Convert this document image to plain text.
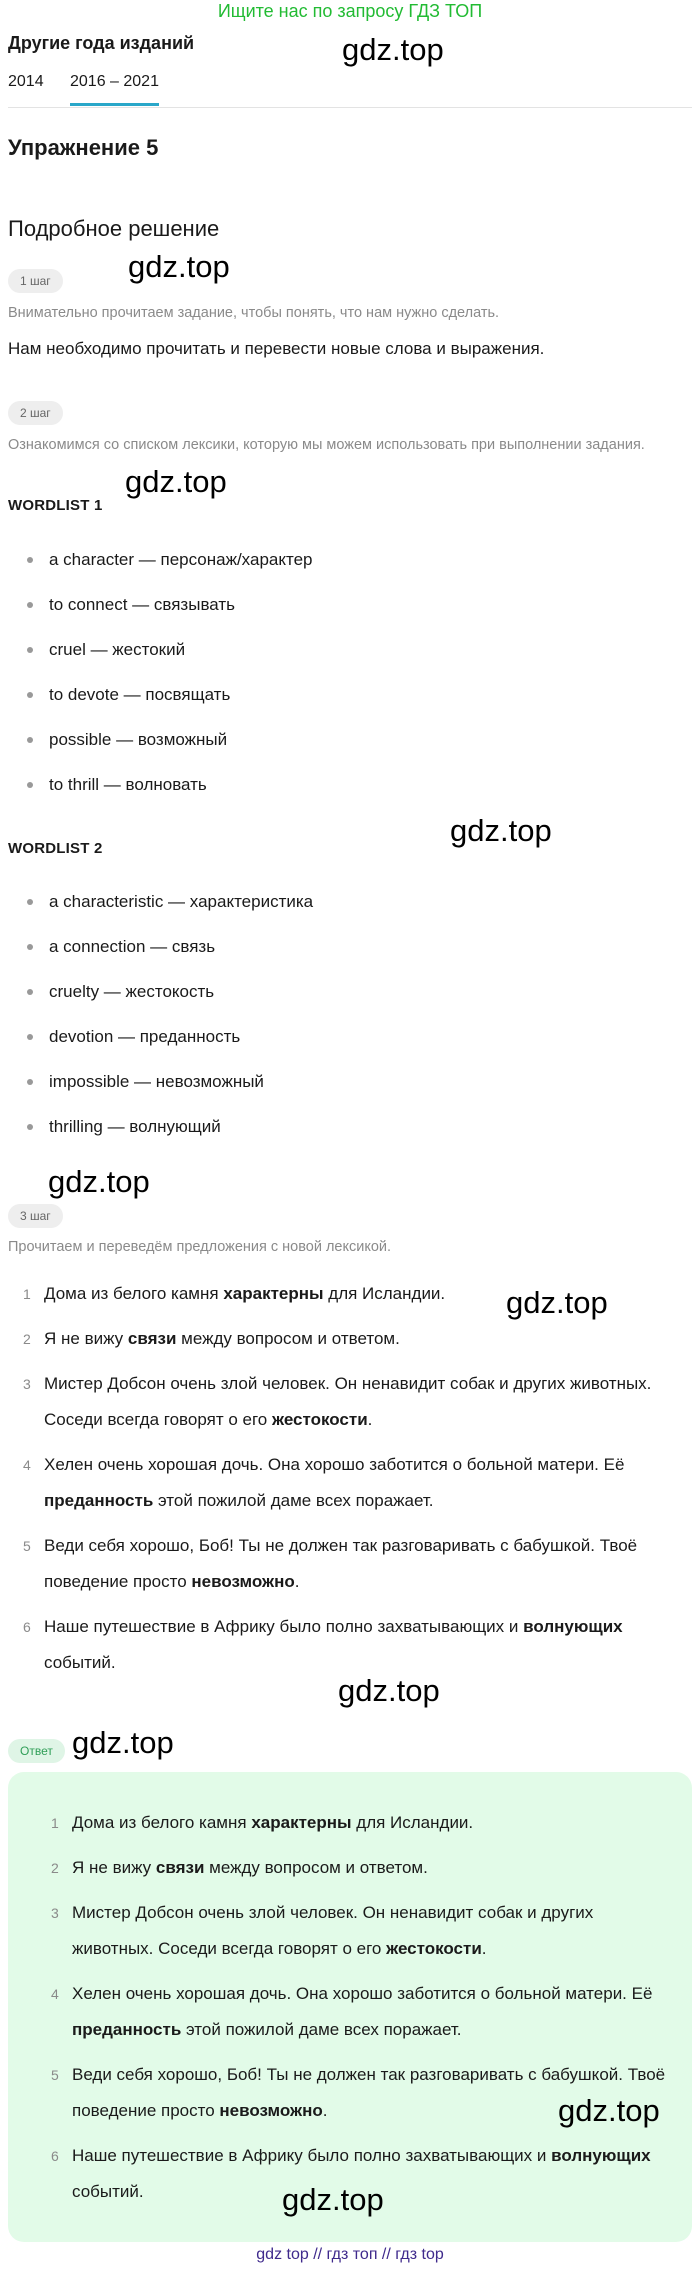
Ищите нас по запросу ГДЗ ТОП
Другие года изданий
2014 2016 – 2021
Упражнение 5
Подробное решение
1 шаг
Внимательно прочитаем задание, чтобы понять, что нам нужно сделать.
Нам необходимо прочитать и перевести новые слова и выражения.
2 шаг
Ознакомимся со списком лексики, которую мы можем использовать при выполнении задания.
WORDLIST 1
a character — персонаж/характер
to connect — связывать
cruel — жестокий
to devote — посвящать
possible — возможный
to thrill — волновать
WORDLIST 2
a characteristic — характеристика
a connection — связь
cruelty — жестокость
devotion — преданность
impossible — невозможный
thrilling — волнующий
3 шаг
Прочитаем и переведём предложения с новой лексикой.
1 Дома из белого камня характерны для Исландии.
2 Я не вижу связи между вопросом и ответом.
3 Мистер Добсон очень злой человек. Он ненавидит собак и других животных. Соседи всегда говорят о его жестокости.
4 Хелен очень хорошая дочь. Она хорошо заботится о больной матери. Её преданность этой пожилой даме всех поражает.
5 Веди себя хорошо, Боб! Ты не должен так разговаривать с бабушкой. Твоё поведение просто невозможно.
6 Наше путешествие в Африку было полно захватывающих и волнующих событий.
Ответ
1 Дома из белого камня характерны для Исландии.
2 Я не вижу связи между вопросом и ответом.
3 Мистер Добсон очень злой человек. Он ненавидит собак и других животных. Соседи всегда говорят о его жестокости.
4 Хелен очень хорошая дочь. Она хорошо заботится о больной матери. Её преданность этой пожилой даме всех поражает.
5 Веди себя хорошо, Боб! Ты не должен так разговаривать с бабушкой. Твоё поведение просто невозможно.
6 Наше путешествие в Африку было полно захватывающих и волнующих событий.
gdz.top
gdz.top
gdz.top
gdz.top
gdz.top
gdz.top
gdz.top
gdz.top
gdz.top
gdz.top
gdz top // гдз топ // гдз top
